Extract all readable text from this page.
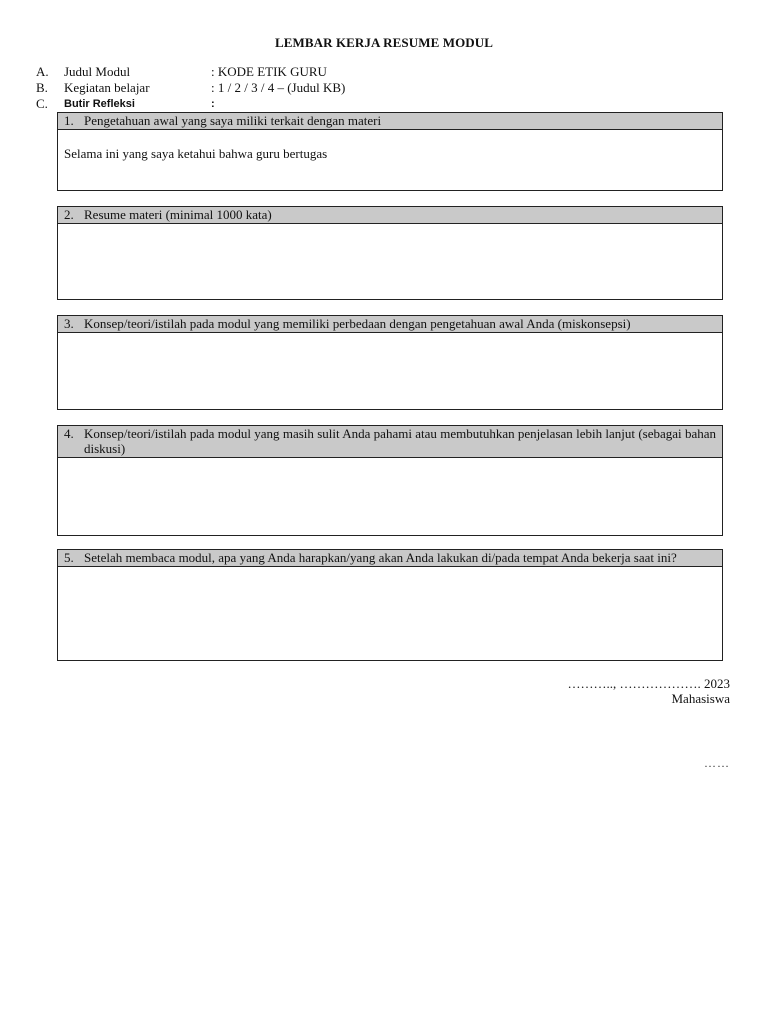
LEMBAR KERJA RESUME MODUL
A.	Judul Modul	: KODE ETIK GURU
B.	Kegiatan belajar	: 1 / 2 / 3 / 4 – (Judul KB)
C.	Butir Refleksi	:
1. Pengetahuan awal yang saya miliki terkait dengan materi
Selama ini yang saya ketahui bahwa guru bertugas
2. Resume materi (minimal 1000 kata)
3. Konsep/teori/istilah pada modul yang memiliki perbedaan dengan pengetahuan awal Anda (miskonsepsi)
4. Konsep/teori/istilah pada modul yang masih sulit Anda pahami atau membutuhkan penjelasan lebih lanjut (sebagai bahan diskusi)
5. Setelah membaca modul, apa yang Anda harapkan/yang akan Anda lakukan di/pada tempat Anda bekerja saat ini?
……….., ………………. 2023
Mahasiswa
……
